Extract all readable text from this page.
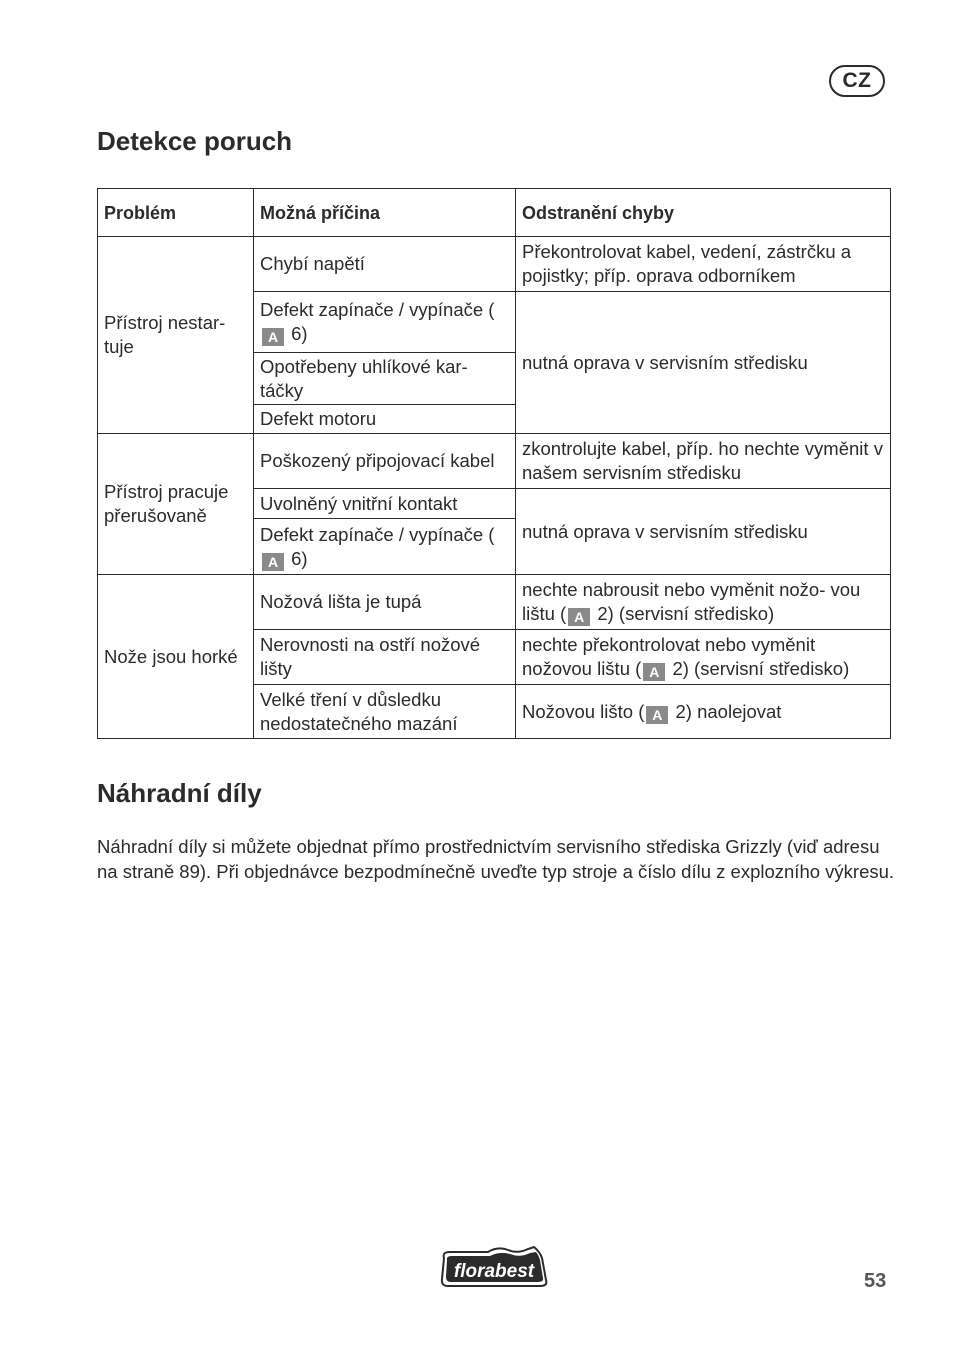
CZ
Detekce poruch
Problém	Možná příčina	Odstranění chyby
Přístroj nestar- tuje	Chybí napětí	Překontrolovat kabel, vedení, zástrčku a pojistky; příp. oprava odborníkem
	Defekt zapínače / vypínače (A 6)	nutná oprava v servisním středisku
	Opotřebeny uhlíkové kar- táčky	
	Defekt motoru	
Přístroj pracuje přerušovaně	Poškozený připojovací kabel	zkontrolujte kabel, příp. ho nechte vyměnit v našem servisním středisku
	Uvolněný vnitřní kontakt	nutná oprava v servisním středisku
	Defekt zapínače / vypínače (A 6)	
Nože jsou horké	Nožová lišta je tupá	nechte nabrousit nebo vyměnit nožo- vou lištu ( A 2) (servisní středisko)
	Nerovnosti na ostří nožové lišty	nechte překontrolovat nebo vyměnit nožovou lištu ( A 2) (servisní středisko)
	Velké tření v důsledku nedostatečného mazání	Nožovou lišto ( A 2) naolejovat
Náhradní díly

Náhradní díly si můžete objednat přímo prostřednictvím servisního střediska Grizzly (viď adresu na straně 89). Při objednávce bezpodmínečně uveďte typ stroje a číslo dílu z explozního výkresu.

florabest	53
